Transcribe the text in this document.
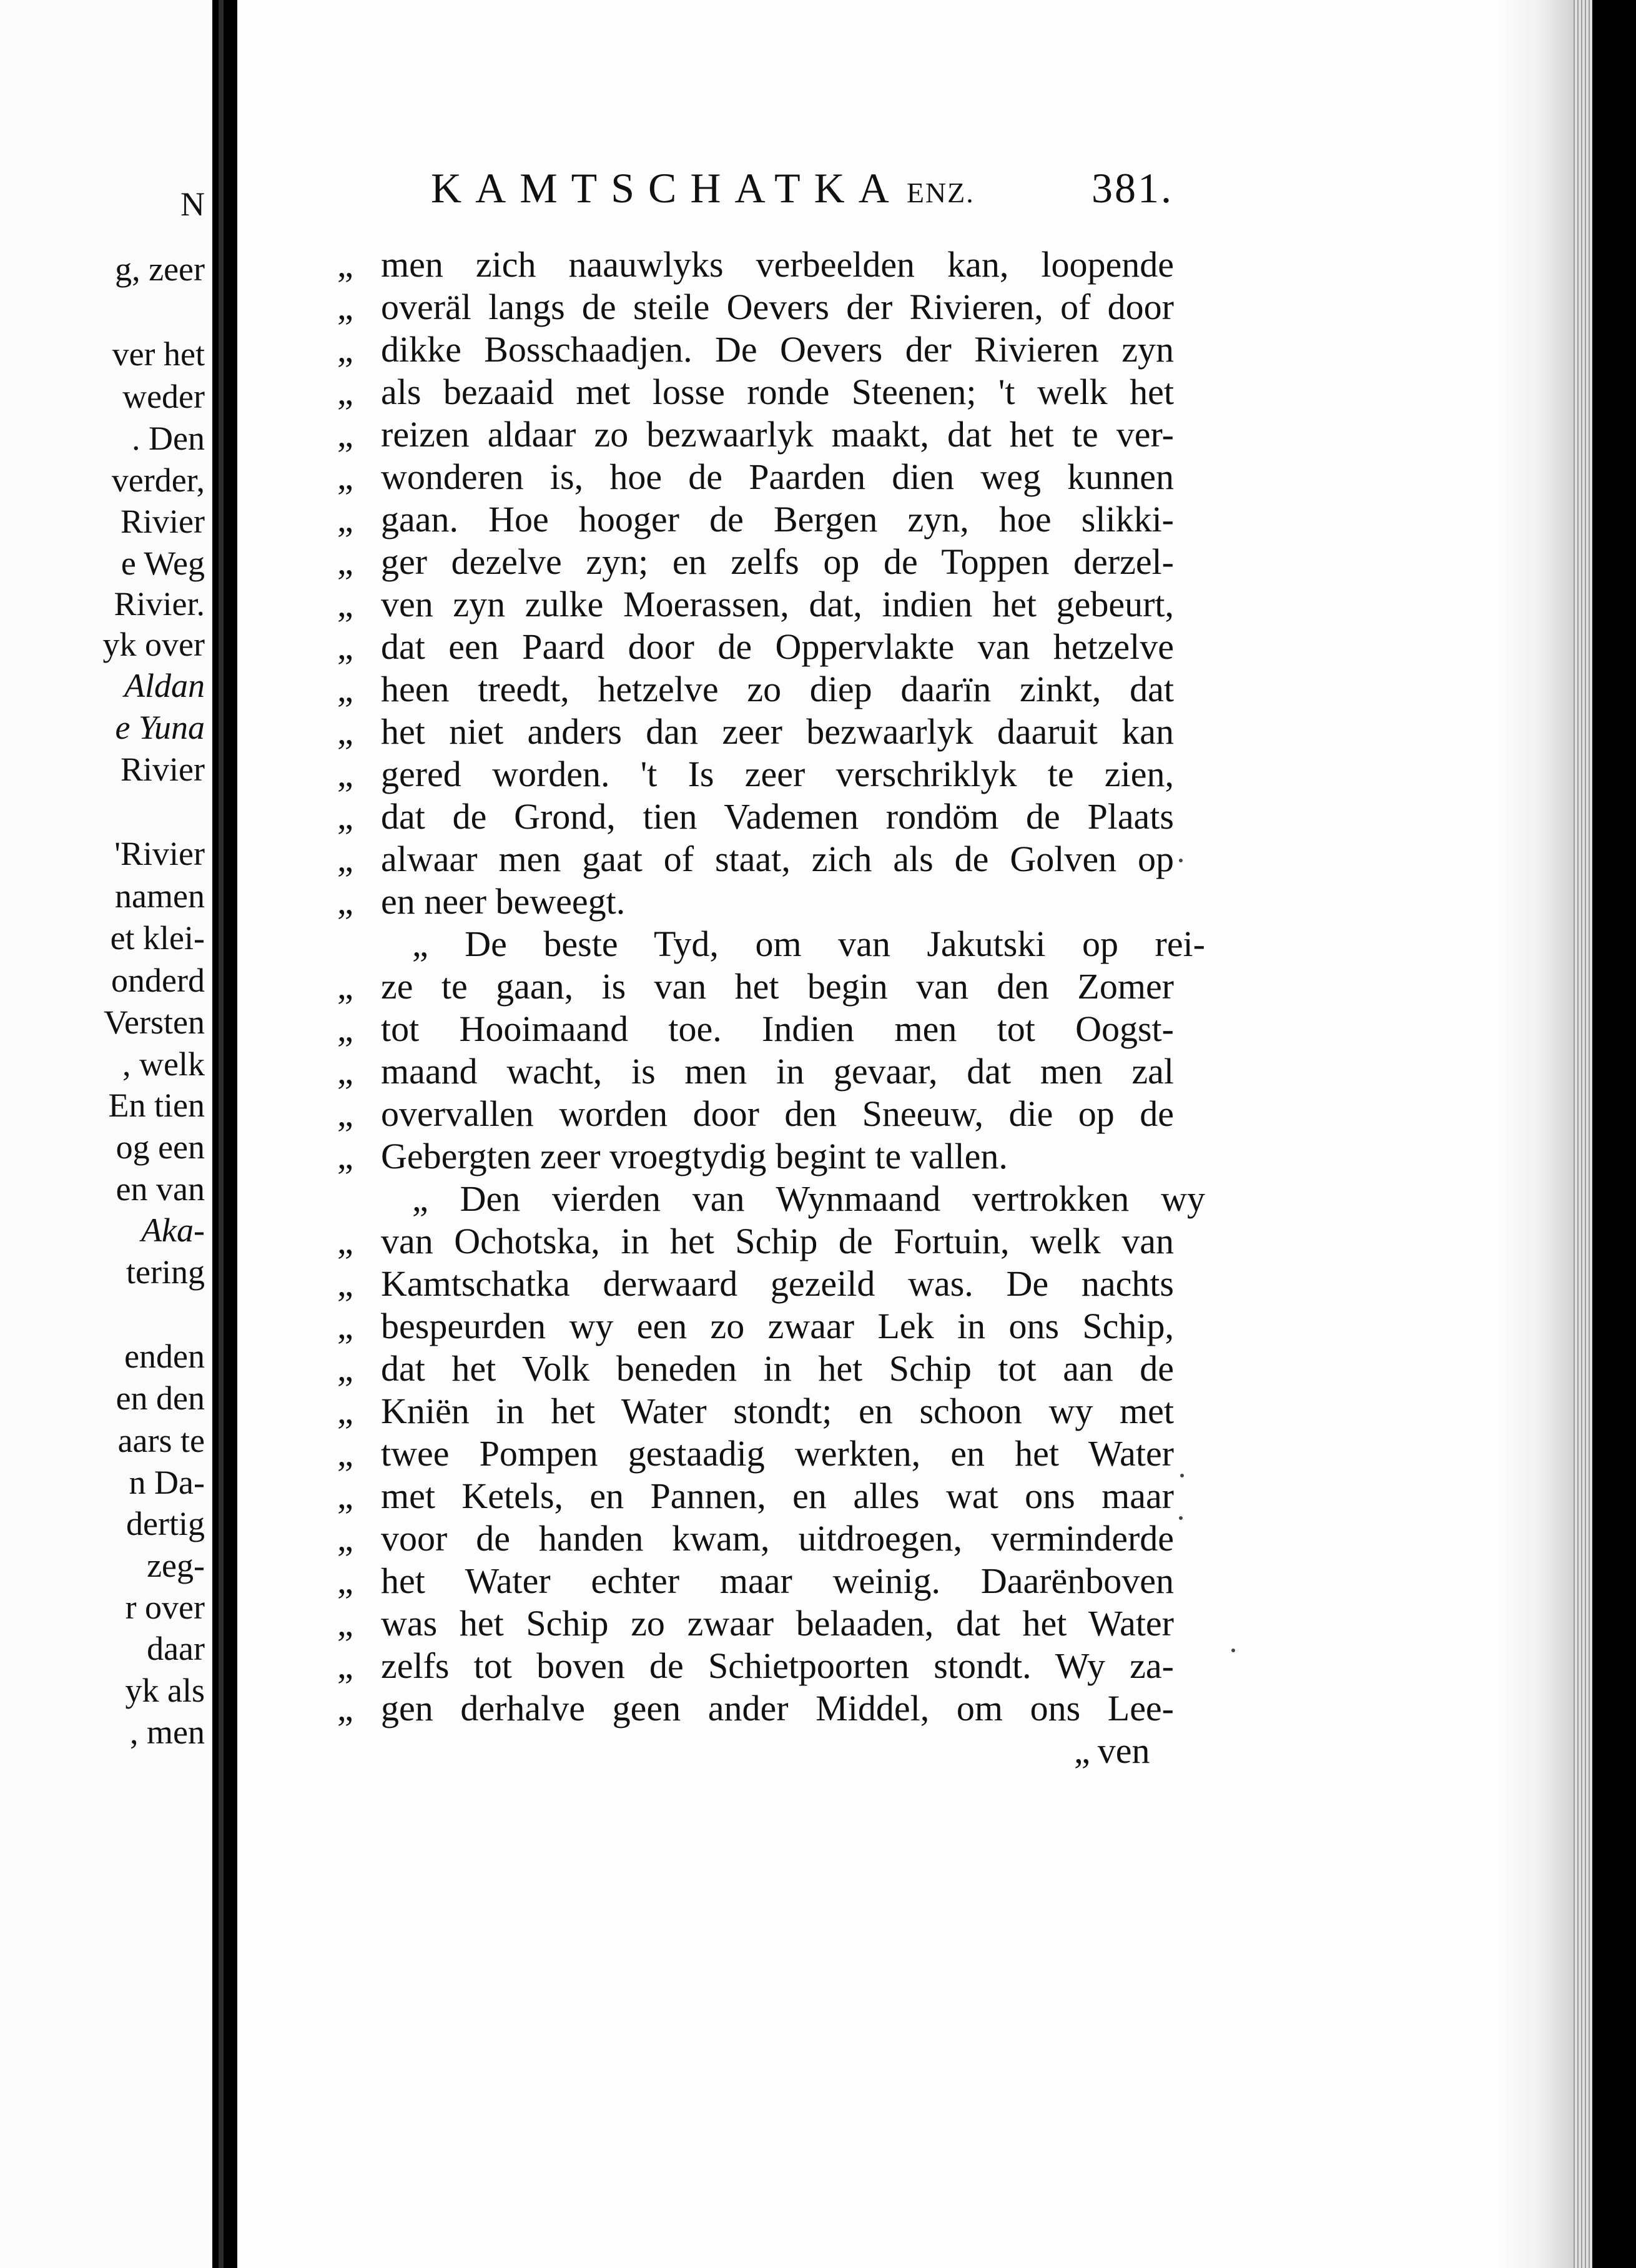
N
g, zeer
ver het
weder
. Den
verder,
Rivier
e Weg
Rivier.
yk over
Aldan
e Yuna
Rivier
'Rivier
namen
et klei-
onderd
Versten
, welk
En tien
og een
en van
Aka-
tering
enden
en den
aars te
n Da-
dertig
zeg-
r over
daar
yk als
, men
KAMTSCHATKA ENZ.	381.
„ men zich naauwlyks verbeelden kan, loopende
„ overäl langs de steile Oevers der Rivieren, of door
„ dikke Bosschaadjen. De Oevers der Rivieren zyn
„ als bezaaid met losse ronde Steenen; 't welk het
„ reizen aldaar zo bezwaarlyk maakt, dat het te ver-
„ wonderen is, hoe de Paarden dien weg kunnen
„ gaan. Hoe hooger de Bergen zyn, hoe slikki-
„ ger dezelve zyn; en zelfs op de Toppen derzel-
„ ven zyn zulke Moerassen, dat, indien het gebeurt,
„ dat een Paard door de Oppervlakte van hetzelve
„ heen treedt, hetzelve zo diep daarïn zinkt, dat
„ het niet anders dan zeer bezwaarlyk daaruit kan
„ gered worden. 't Is zeer verschriklyk te zien,
„ dat de Grond, tien Vademen rondöm de Plaats
„ alwaar men gaat of staat, zich als de Golven op
„ en neer beweegt.
„ De beste Tyd, om van Jakutski op rei-
„ ze te gaan, is van het begin van den Zomer
„ tot Hooimaand toe. Indien men tot Oogst-
„ maand wacht, is men in gevaar, dat men zal
„ overvallen worden door den Sneeuw, die op de
„ Gebergten zeer vroegtydig begint te vallen.
„ Den vierden van Wynmaand vertrokken wy
„ van Ochotska, in het Schip de Fortuin, welk van
„ Kamtschatka derwaard gezeild was. De nachts
„ bespeurden wy een zo zwaar Lek in ons Schip,
„ dat het Volk beneden in het Schip tot aan de
„ Kniën in het Water stondt; en schoon wy met
„ twee Pompen gestaadig werkten, en het Water
„ met Ketels, en Pannen, en alles wat ons maar
„ voor de handen kwam, uitdroegen, verminderde
„ het Water echter maar weinig. Daarënboven
„ was het Schip zo zwaar belaaden, dat het Water
„ zelfs tot boven de Schietpoorten stondt. Wy za-
„ gen derhalve geen ander Middel, om ons Lee-
„ ven
